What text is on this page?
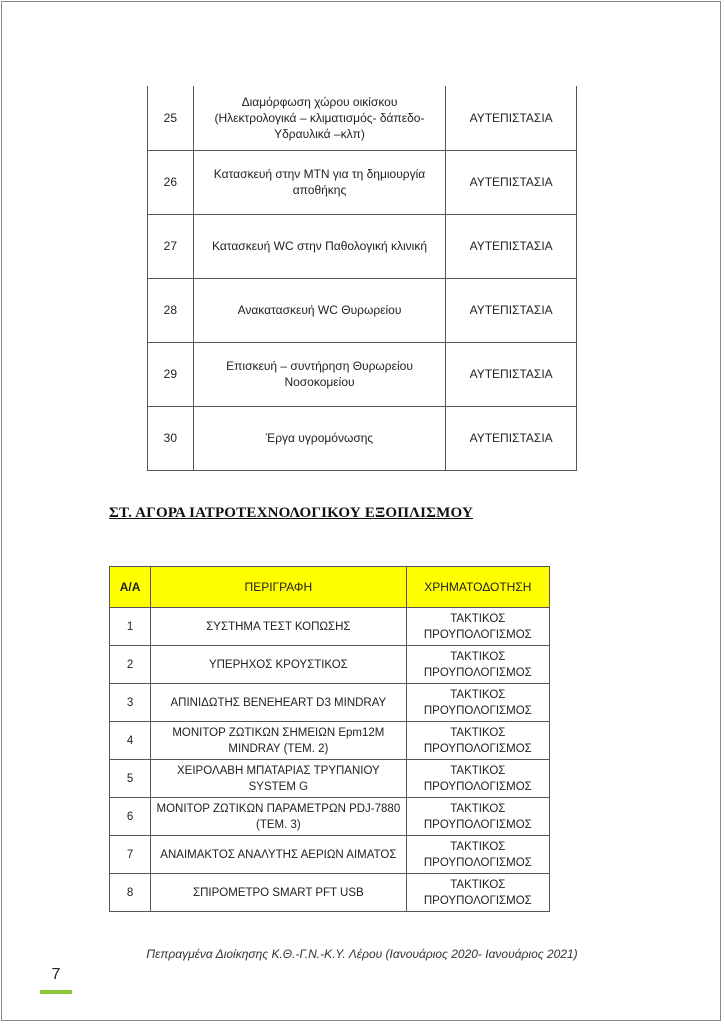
25	Διαμόρφωση χώρου οικίσκου (Ηλεκτρολογικά – κλιματισμός- δάπεδο-Υδραυλικά –κλπ)	ΑΥΤΕΠΙΣΤΑΣΙΑ
26	Κατασκευή στην ΜΤΝ για τη δημιουργία αποθήκης	ΑΥΤΕΠΙΣΤΑΣΙΑ
27	Κατασκευή WC στην Παθολογική κλινική	ΑΥΤΕΠΙΣΤΑΣΙΑ
28	Ανακατασκευή WC Θυρωρείου	ΑΥΤΕΠΙΣΤΑΣΙΑ
29	Επισκευή – συντήρηση Θυρωρείου Νοσοκομείου	ΑΥΤΕΠΙΣΤΑΣΙΑ
30	Έργα υγρομόνωσης	ΑΥΤΕΠΙΣΤΑΣΙΑ
ΣΤ. ΑΓΟΡΑ ΙΑΤΡΟΤΕΧΝΟΛΟΓΙΚΟΥ ΕΞΟΠΛΙΣΜΟΥ
Α/Α	ΠΕΡΙΓΡΑΦΗ	ΧΡΗΜΑΤΟΔΟΤΗΣΗ
1	ΣΥΣΤΗΜΑ ΤΕΣΤ ΚΟΠΩΣΗΣ	ΤΑΚΤΙΚΟΣ ΠΡΟΥΠΟΛΟΓΙΣΜΟΣ
2	ΥΠΕΡΗΧΟΣ ΚΡΟΥΣΤΙΚΟΣ	ΤΑΚΤΙΚΟΣ ΠΡΟΥΠΟΛΟΓΙΣΜΟΣ
3	ΑΠΙΝΙΔΩΤΗΣ BENEHEART D3 MINDRAY	ΤΑΚΤΙΚΟΣ ΠΡΟΥΠΟΛΟΓΙΣΜΟΣ
4	ΜΟΝΙΤΟΡ ΖΩΤΙΚΩΝ ΣΗΜΕΙΩΝ Epm12M MINDRAY (ΤΕΜ. 2)	ΤΑΚΤΙΚΟΣ ΠΡΟΥΠΟΛΟΓΙΣΜΟΣ
5	ΧΕΙΡΟΛΑΒΗ ΜΠΑΤΑΡΙΑΣ ΤΡΥΠΑΝΙΟΥ SYSTEM G	ΤΑΚΤΙΚΟΣ ΠΡΟΥΠΟΛΟΓΙΣΜΟΣ
6	ΜΟΝΙΤΟΡ ΖΩΤΙΚΩΝ ΠΑΡΑΜΕΤΡΩΝ PDJ-7880 (ΤΕΜ. 3)	ΤΑΚΤΙΚΟΣ ΠΡΟΥΠΟΛΟΓΙΣΜΟΣ
7	ΑΝΑΙΜΑΚΤΟΣ ΑΝΑΛΥΤΗΣ ΑΕΡΙΩΝ ΑΙΜΑΤΟΣ	ΤΑΚΤΙΚΟΣ ΠΡΟΥΠΟΛΟΓΙΣΜΟΣ
8	ΣΠΙΡΟΜΕΤΡΟ SMART PFT USB	ΤΑΚΤΙΚΟΣ ΠΡΟΥΠΟΛΟΓΙΣΜΟΣ
Πεπραγμένα Διοίκησης Κ.Θ.-Γ.Ν.-Κ.Υ. Λέρου (Ιανουάριος 2020- Ιανουάριος 2021)
7
